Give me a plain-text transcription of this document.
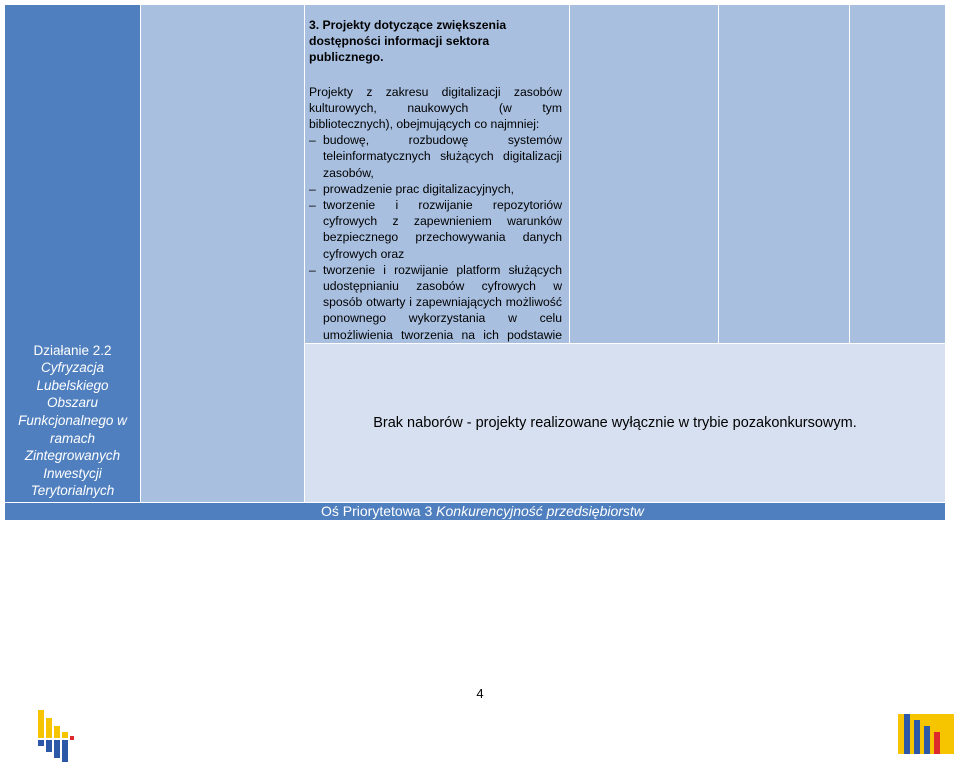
Działanie 2.2
Cyfryzacja
Lubelskiego
Obszaru
Funkcjonalnego w
ramach
Zintegrowanych
Inwestycji
Terytorialnych
3. Projekty dotyczące zwiększenia dostępności informacji sektora publicznego.
Projekty z zakresu digitalizacji zasobów
kulturowych, naukowych (w tym
bibliotecznych), obejmujących co najmniej:
– budowę, rozbudowę systemów teleinformatycznych służących digitalizacji zasobów,
– prowadzenie prac digitalizacyjnych,
– tworzenie i rozwijanie repozytoriów cyfrowych z zapewnieniem warunków bezpiecznego przechowywania danych cyfrowych oraz
– tworzenie i rozwijanie platform służących udostępnianiu zasobów cyfrowych w sposób otwarty i zapewniających możliwość ponownego wykorzystania w celu umożliwienia tworzenia na ich podstawie
Brak naborów - projekty realizowane wyłącznie w trybie pozakonkursowym.
Oś Priorytetowa 3 Konkurencyjność przedsiębiorstw
4
